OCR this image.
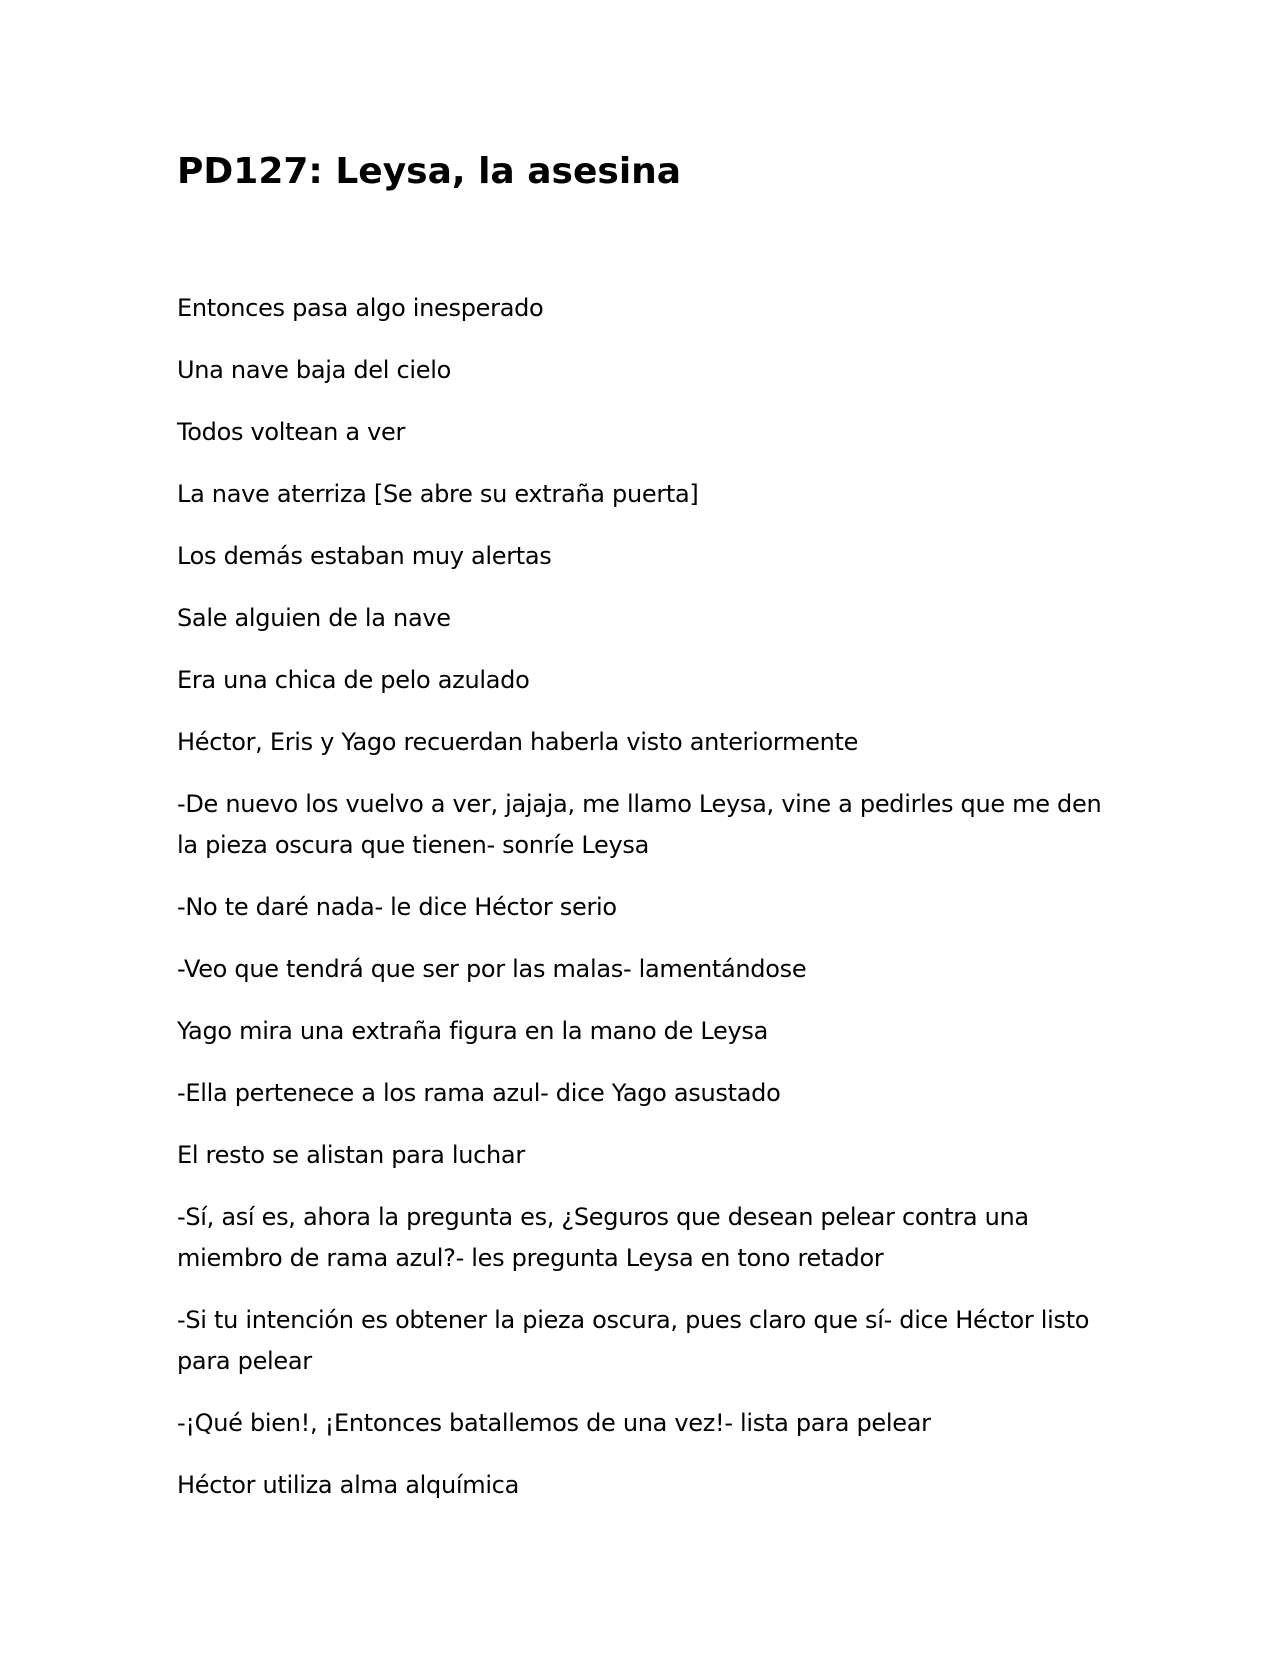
PD127: Leysa, la asesina

Entonces pasa algo inesperado

Una nave baja del cielo

Todos voltean a ver

La nave aterriza [Se abre su extraña puerta]

Los demás estaban muy alertas

Sale alguien de la nave

Era una chica de pelo azulado

Héctor, Eris y Yago recuerdan haberla visto anteriormente

-De nuevo los vuelvo a ver, jajaja, me llamo Leysa, vine a pedirles que me den la pieza oscura que tienen- sonríe Leysa

-No te daré nada- le dice Héctor serio

-Veo que tendrá que ser por las malas- lamentándose

Yago mira una extraña figura en la mano de Leysa

-Ella pertenece a los rama azul- dice Yago asustado

El resto se alistan para luchar

-Sí, así es, ahora la pregunta es, ¿Seguros que desean pelear contra una miembro de rama azul?- les pregunta Leysa en tono retador

-Si tu intención es obtener la pieza oscura, pues claro que sí- dice Héctor listo para pelear

-¡Qué bien!, ¡Entonces batallemos de una vez!- lista para pelear

Héctor utiliza alma alquímica
